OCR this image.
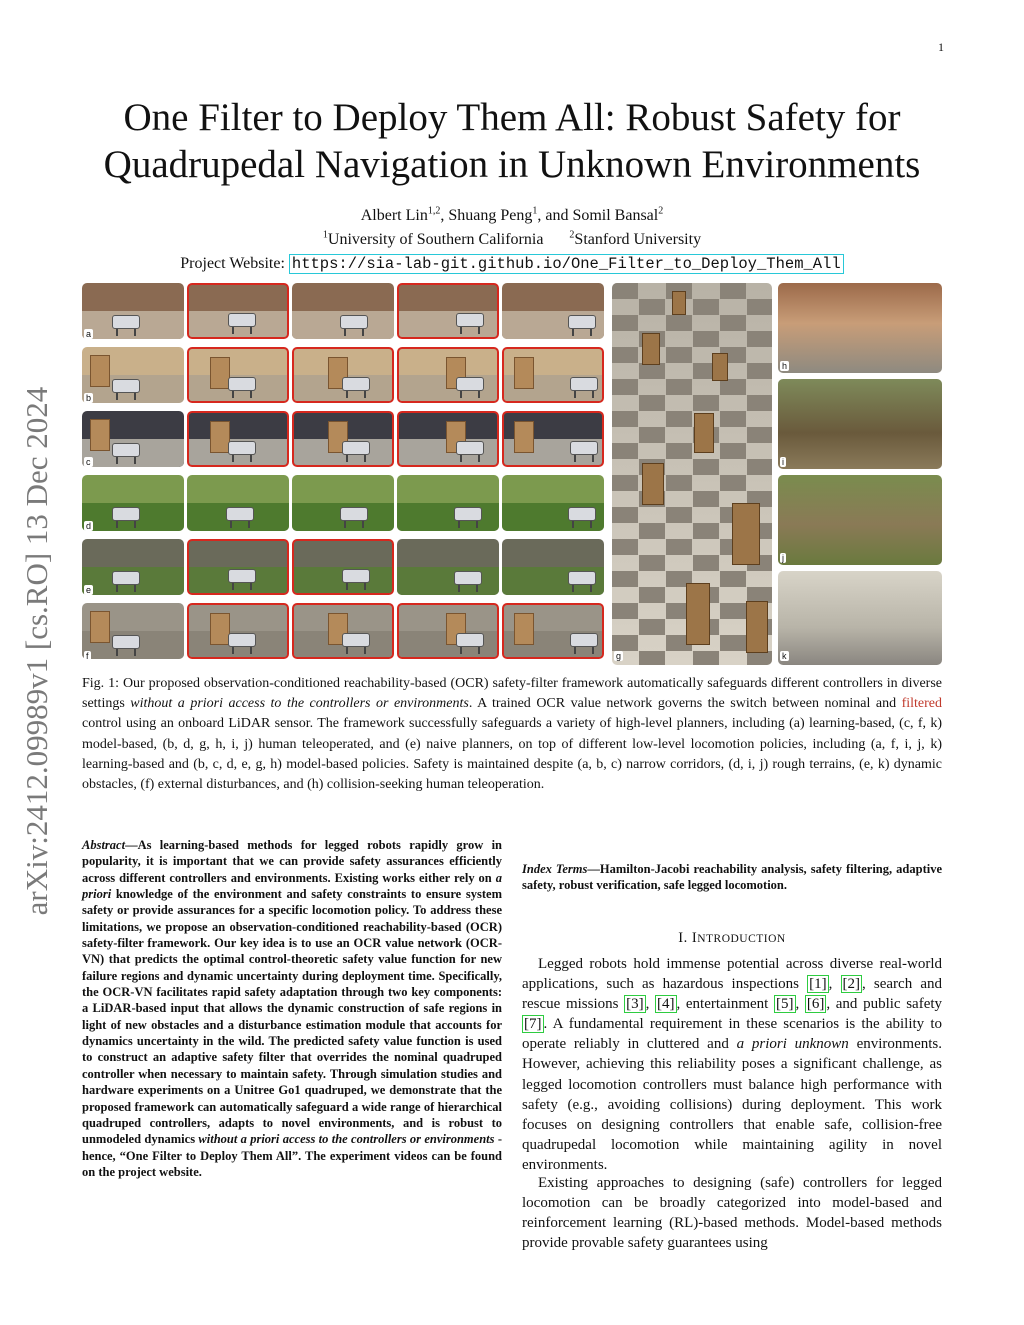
1
arXiv:2412.09989v1 [cs.RO] 13 Dec 2024
One Filter to Deploy Them All: Robust Safety for
Quadrupedal Navigation in Unknown Environments
Albert Lin$^{1,2}$, Shuang Peng$^1$, and Somil Bansal$^2$
$^1$University of Southern California	$^2$Stanford University
Project Website: https://sia-lab-git.github.io/One_Filter_to_Deploy_Them_All
a
b
c
d
e
f	g
h
i
j
k

Fig. 1: Our proposed observation-conditioned reachability-based (OCR) safety-filter framework automatically safeguards different controllers in diverse settings without a priori access to the controllers or environments. A trained OCR value network governs the switch between nominal and filtered control using an onboard LiDAR sensor. The framework successfully safeguards a variety of high-level planners, including (a) learning-based, (c, f, k) model-based, (b, d, g, h, i, j) human teleoperated, and (e) naive planners, on top of different low-level locomotion policies, including (a, f, i, j, k) learning-based and (b, c, d, e, g, h) model-based policies. Safety is maintained despite (a, b, c) narrow corridors, (d, i, j) rough terrains, (e, k) dynamic obstacles, (f) external disturbances, and (h) collision-seeking human teleoperation.

Abstract—As learning-based methods for legged robots rapidly grow in popularity, it is important that we can provide safety assurances efficiently across different controllers and environments. Existing works either rely on a priori knowledge of the environment and safety constraints to ensure system safety or provide assurances for a specific locomotion policy. To address these limitations, we propose an observation-conditioned reachability-based (OCR) safety-filter framework. Our key idea is to use an OCR value network (OCR-VN) that predicts the optimal control-theoretic safety value function for new failure regions and dynamic uncertainty during deployment time. Specifically, the OCR-VN facilitates rapid safety adaptation through two key components: a LiDAR-based input that allows the dynamic construction of safe regions in light of new obstacles and a disturbance estimation module that accounts for dynamics uncertainty in the wild. The predicted safety value function is used to construct an adaptive safety filter that overrides the nominal quadruped controller when necessary to maintain safety. Through simulation studies and hardware experiments on a Unitree Go1 quadruped, we demonstrate that the proposed framework can automatically safeguard a wide range of hierarchical quadruped controllers, adapts to novel environments, and is robust to unmodeled dynamics without a priori access to the controllers or environments - hence, “One Filter to Deploy Them All”. The experiment videos can be found on the project website.

Index Terms—Hamilton-Jacobi reachability analysis, safety filtering, adaptive safety, robust verification, safe legged locomotion.

I. INTRODUCTION

Legged robots hold immense potential across diverse real-world applications, such as hazardous inspections [1] , [2] , search and rescue missions [3] , [4] , entertainment [5] , [6] , and public safety [7] . A fundamental requirement in these scenarios is the ability to operate reliably in cluttered and a priori unknown environments. However, achieving this reliability poses a significant challenge, as legged locomotion controllers must balance high performance with safety (e.g., avoiding collisions) during deployment. This work focuses on designing controllers that enable safe, collision-free quadrupedal locomotion while maintaining agility in novel environments.

Existing approaches to designing (safe) controllers for legged locomotion can be broadly categorized into model-based and reinforcement learning (RL)-based methods. Model-based methods provide provable safety guarantees using
